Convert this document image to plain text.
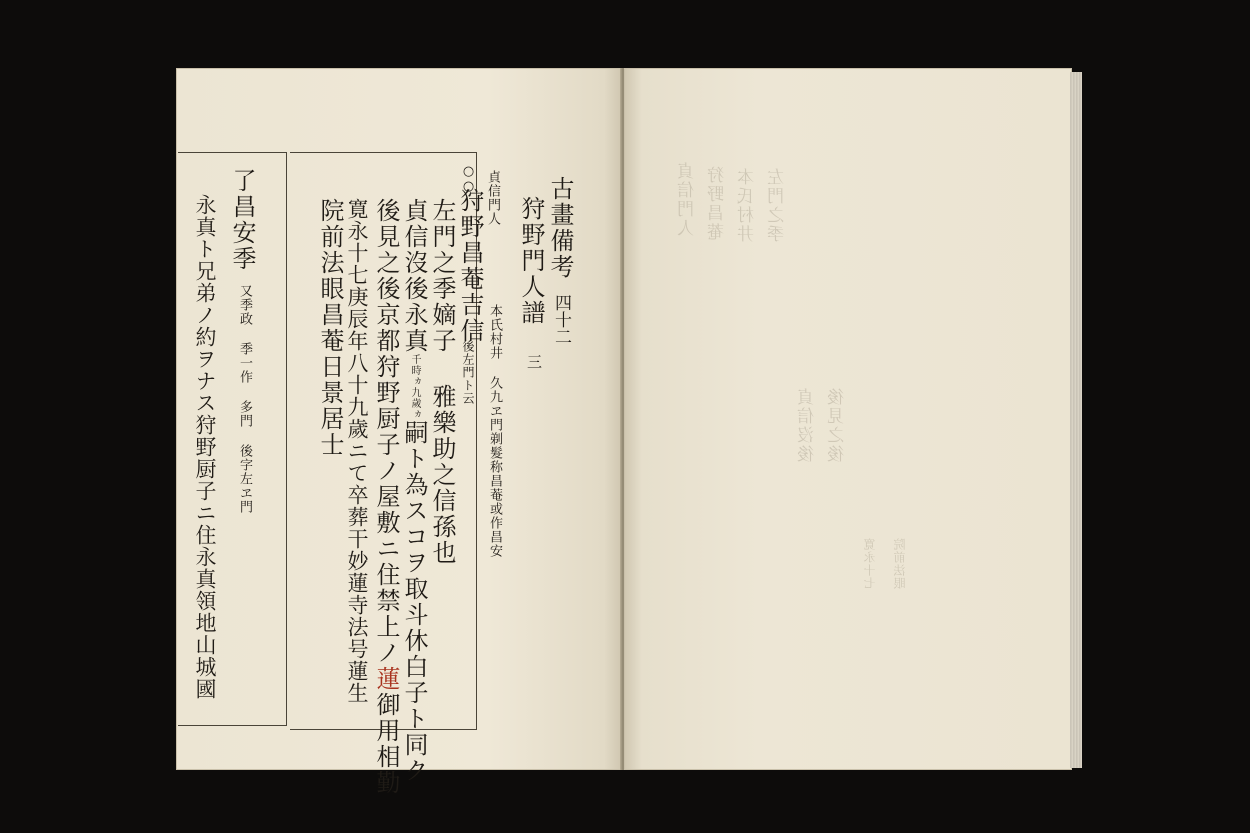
古畫備考
四十二
狩野門人譜
三
貞信門人
本氏村井 久九ヱ門剃髮称昌菴或作昌安
○○
狩野昌菴吉信
後左門ト云
左門之季嫡子 雅樂助之信孫也
貞信沒後永真千時ヵ九歲ヵ嗣ト為スコヲ取斗休白子ト同ク
後見之後京都狩野厨子ノ屋敷ニ住禁上ノ蓮御用相勤
寛永十七庚辰年八十九歲ニて卒葬干妙蓮寺法号蓮生
院前法眼昌菴日景居士
了昌安季
又季政 季一作 多門 後字左ヱ門
永真ト兄弟ノ約ヲナス狩野厨子ニ住永真領地山城國	貞信門人 狩野昌菴 本氏村井 左門之季
貞信沒後 後見之後
寛永十七 院前法眼
